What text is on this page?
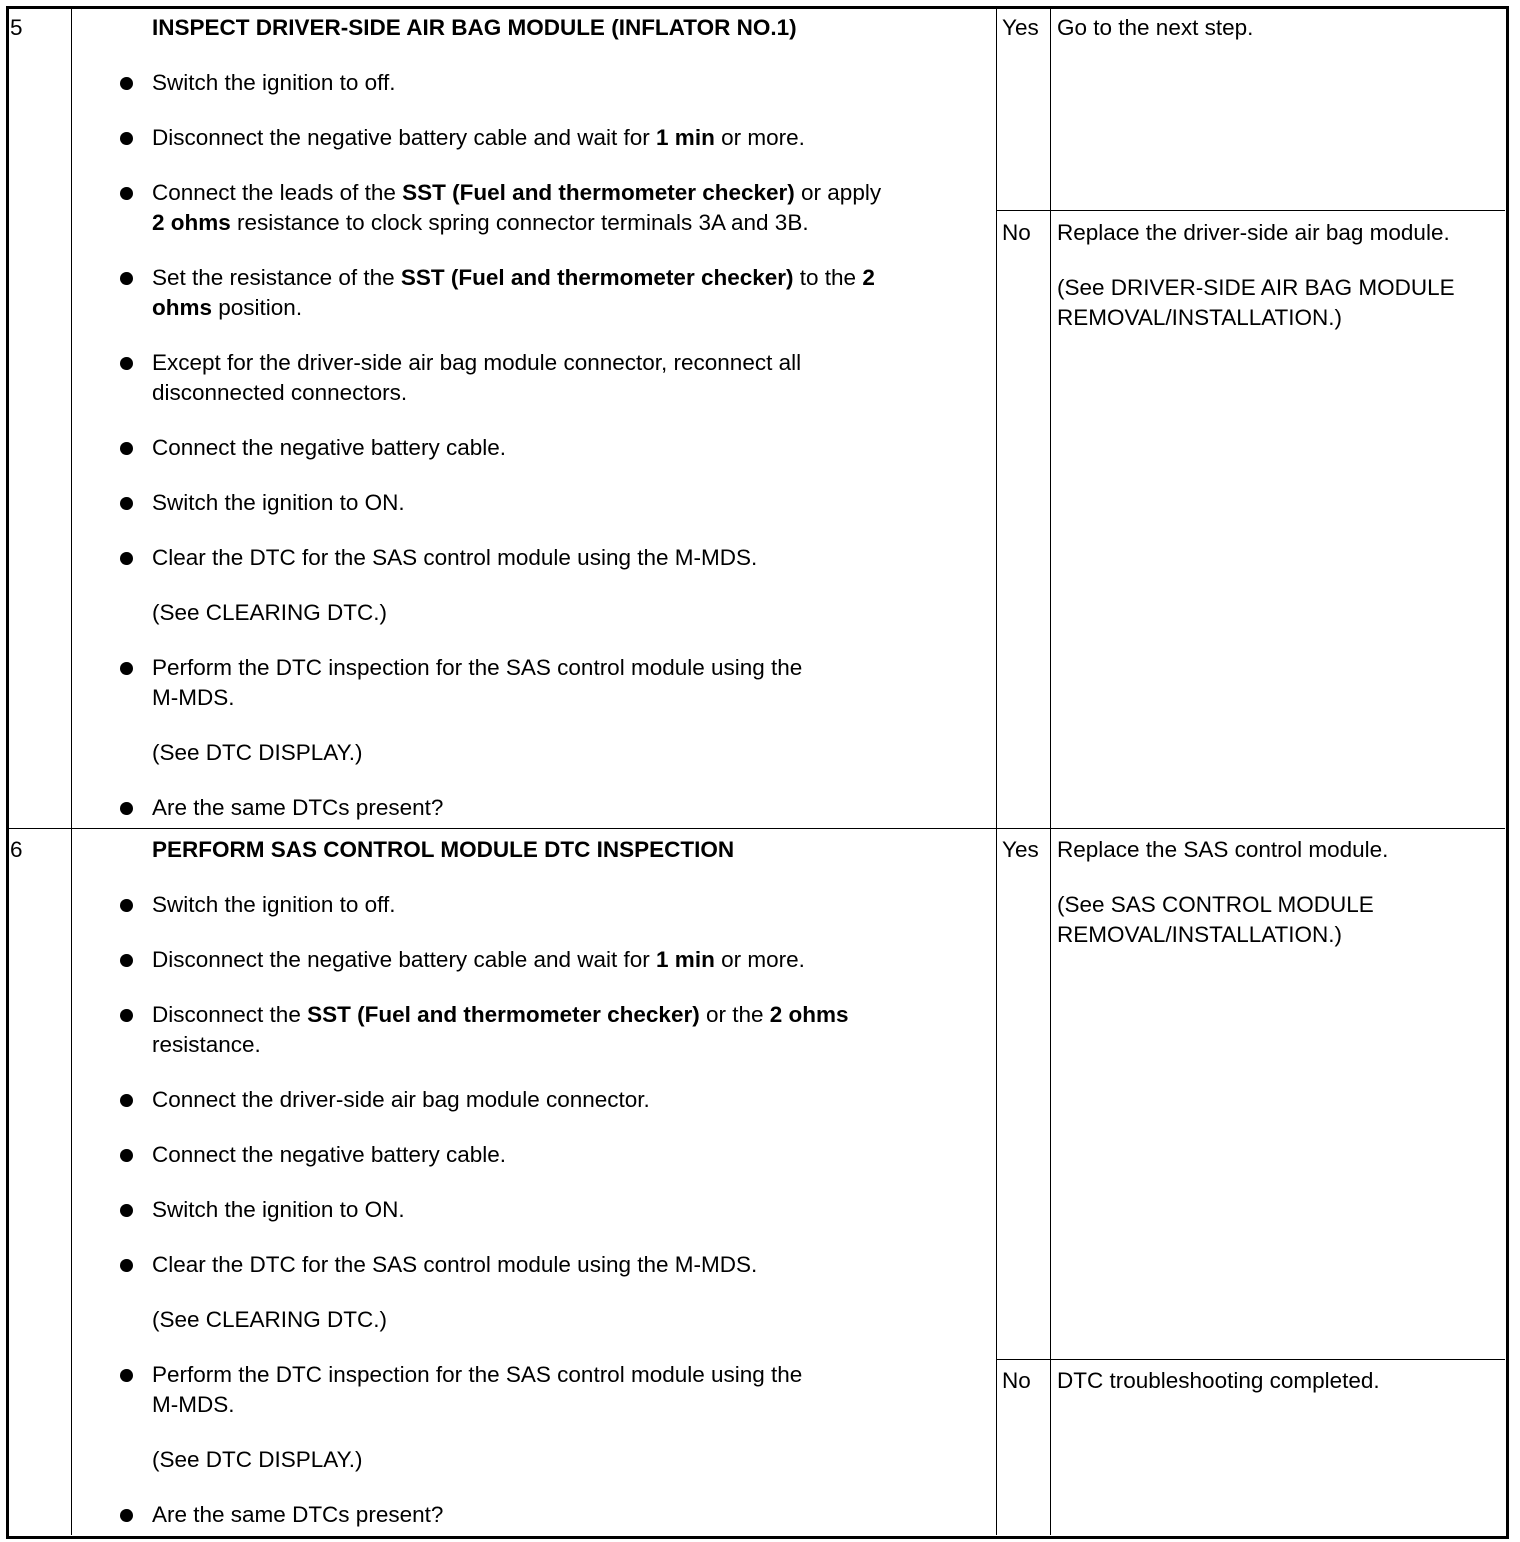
5	INSPECT DRIVER-SIDE AIR BAG MODULE (INFLATOR NO.1)
Switch the ignition to off.
Disconnect the negative battery cable and wait for 1 min or more.
Connect the leads of the SST (Fuel and thermometer checker) or apply
2 ohms resistance to clock spring connector terminals 3A and 3B.
Set the resistance of the SST (Fuel and thermometer checker) to the 2
ohms position.
Except for the driver-side air bag module connector, reconnect all
disconnected connectors.
Connect the negative battery cable.
Switch the ignition to ON.
Clear the DTC for the SAS control module using the M-MDS.
(See CLEARING DTC.)
Perform the DTC inspection for the SAS control module using the
M-MDS.
(See DTC DISPLAY.)
Are the same DTCs present?
Yes Go to the next step.
No Replace the driver-side air bag module.
(See DRIVER-SIDE AIR BAG MODULE
REMOVAL/INSTALLATION.)
6	PERFORM SAS CONTROL MODULE DTC INSPECTION
Switch the ignition to off.
Disconnect the negative battery cable and wait for 1 min or more.
Disconnect the SST (Fuel and thermometer checker) or the 2 ohms
resistance.
Connect the driver-side air bag module connector.
Connect the negative battery cable.
Switch the ignition to ON.
Clear the DTC for the SAS control module using the M-MDS.
(See CLEARING DTC.)
Perform the DTC inspection for the SAS control module using the
M-MDS.
(See DTC DISPLAY.)
Are the same DTCs present?
Yes Replace the SAS control module.
(See SAS CONTROL MODULE
REMOVAL/INSTALLATION.)
No DTC troubleshooting completed.
